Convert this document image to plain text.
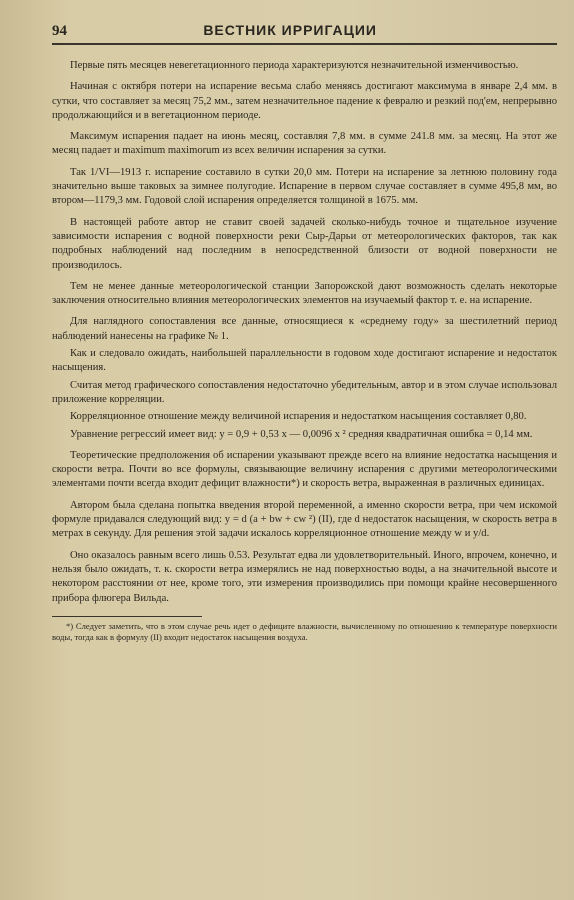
94	ВЕСТНИК ИРРИГАЦИИ

Первые пять месяцев невегетационного периода характеризуются незначительной изменчивостью.

Начиная с октября потери на испарение весьма слабо меняясь достигают максимума в январе 2,4 мм. в сутки, что составляет за месяц 75,2 мм., затем незначительное падение к февралю и резкий под'ем, непрерывно продолжающийся и в вегетационном периоде.

Максимум испарения падает на июнь месяц, составляя 7,8 мм. в сумме 241.8 мм. за месяц. На этот же месяц падает и maximum maximorum из всех величин испарения за сутки.

Так 1/VI—1913 г. испарение составило в сутки 20,0 мм. Потери на испарение за летнюю половину года значительно выше таковых за зимнее полугодие. Испарение в первом случае составляет в сумме 495,8 мм, во втором—1179,3 мм. Годовой слой испарения определяется толщиной в 1675. мм.

В настоящей работе автор не ставит своей задачей сколько-нибудь точное и тщательное изучение зависимости испарения с водной поверхности реки Сыр-Дарьи от метеорологических факторов, так как подробных наблюдений над последним в непосредственной близости от водной поверхности не производилось.

Тем не менее данные метеорологической станции Запорожской дают возможность сделать некоторые заключения относительно влияния метеорологических элементов на изучаемый фактор т. е. на испарение.

Для наглядного сопоставления все данные, относящиеся к «среднему году» за шестилетний период наблюдений нанесены на графике № 1.

Как и следовало ожидать, наибольшей параллельности в годовом ходе достигают испарение и недостаток насыщения.

Считая метод графического сопоставления недостаточно убедительным, автор и в этом случае использовал приложение корреляции.

Корреляционное отношение между величиной испарения и недостатком насыщения составляет 0,80.

Уравнение регрессий имеет вид: y = 0,9 + 0,53 x — 0,0096 x ² средняя квадратичная ошибка = 0,14 мм.

Теоретические предположения об испарении указывают прежде всего на влияние недостатка насыщения и скорости ветра. Почти во все формулы, связывающие величину испарения с другими метеорологическими элементами почти всегда входит дефицит влажности*) и скорость ветра, выраженная в различных единицах.

Автором была сделана попытка введения второй переменной, а именно скорости ветра, при чем искомой формуле придавался следующий вид: y = d (a + bw + cw ²) (II), где d недостаток насыщения, w скорость ветра в метрах в секунду. Для решения этой задачи искалось корреляционное отношение между w и y/d.

Оно оказалось равным всего лишь 0.53. Результат едва ли удовлетворительный. Иного, впрочем, конечно, и нельзя было ожидать, т. к. скорости ветра измерялись не над поверхностью воды, а на значительной высоте и некотором расстоянии от нее, кроме того, эти измерения производились при помощи крайне несовершенного прибора флюгера Вильда.

*) Следует заметить, что в этом случае речь идет о дефиците влажности, вычисленному по отношению к температуре поверхности воды, тогда как в формулу (II) входит недостаток насыщения воздуха.
